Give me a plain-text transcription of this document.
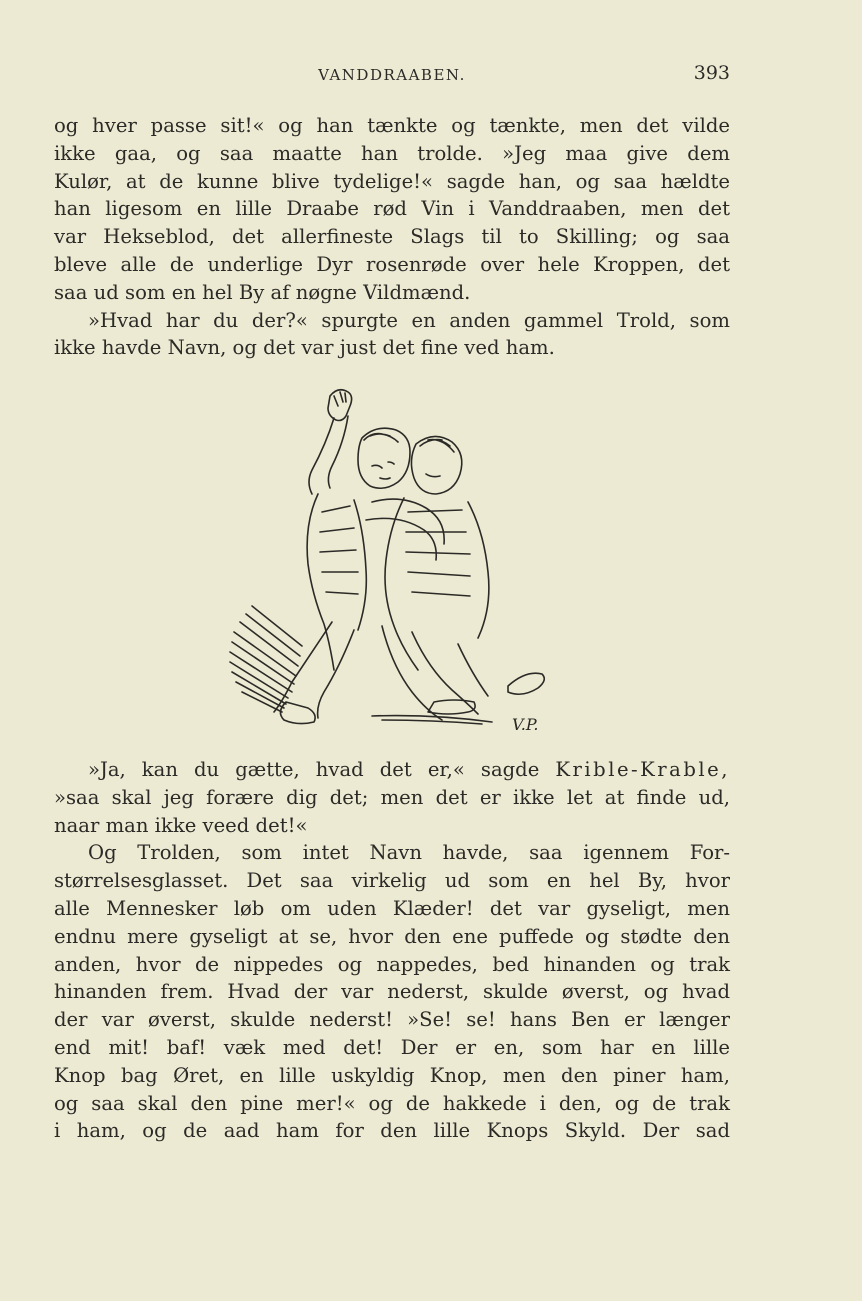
VANDDRAABEN.	393
og hver passe sit!« og han tænkte og tænkte, men det vilde
ikke gaa, og saa maatte han trolde. »Jeg maa give dem
Kulør, at de kunne blive tydelige!« sagde han, og saa hældte
han ligesom en lille Draabe rød Vin i Vanddraaben, men det
var Hekseblod, det allerfineste Slags til to Skilling; og saa
bleve alle de underlige Dyr rosenrøde over hele Kroppen, det
saa ud som en hel By af nøgne Vildmænd.
»Hvad har du der?« spurgte en anden gammel Trold, som
ikke havde Navn, og det var just det fine ved ham.
V.P.
»Ja, kan du gætte, hvad det er,« sagde Krible-Krable,
»saa skal jeg forære dig det; men det er ikke let at finde ud,
naar man ikke veed det!«
Og Trolden, som intet Navn havde, saa igennem For-
størrelsesglasset. Det saa virkelig ud som en hel By, hvor
alle Mennesker løb om uden Klæder! det var gyseligt, men
endnu mere gyseligt at se, hvor den ene puffede og stødte den
anden, hvor de nippedes og nappedes, bed hinanden og trak
hinanden frem. Hvad der var nederst, skulde øverst, og hvad
der var øverst, skulde nederst! »Se! se! hans Ben er længer
end mit! baf! væk med det! Der er en, som har en lille
Knop bag Øret, en lille uskyldig Knop, men den piner ham,
og saa skal den pine mer!« og de hakkede i den, og de trak
i ham, og de aad ham for den lille Knops Skyld. Der sad
